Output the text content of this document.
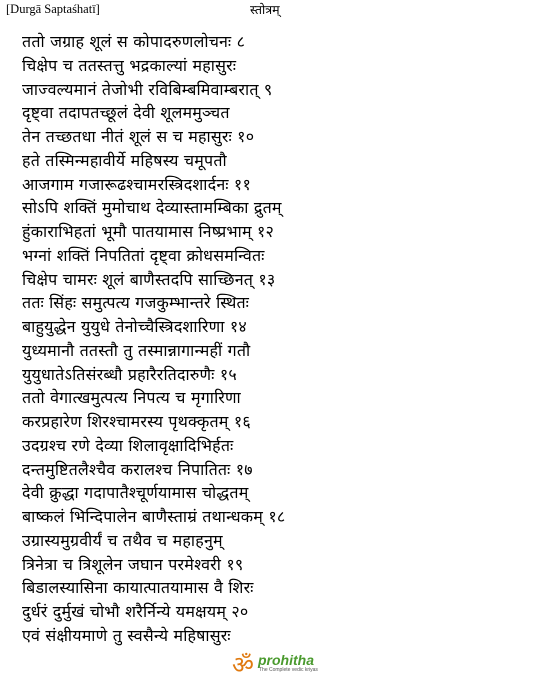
[Durgā Saptaśhatī]	स्तोत्रम्
ततो जग्राह शूलं स कोपादरुणलोचनः ८
चिक्षेप च ततस्तत्तु भद्रकाल्यां महासुरः
जाज्वल्यमानं तेजोभी रविबिम्बमिवाम्बरात् ९
दृष्ट्वा तदापतच्छूलं देवी शूलममुञ्चत
तेन तच्छतधा नीतं शूलं स च महासुरः १०
हते तस्मिन्महावीर्ये महिषस्य चमूपतौ
आजगाम गजारूढश्चामरस्त्रिदशार्दनः ११
सोऽपि शक्तिं मुमोचाथ देव्यास्तामम्बिका द्रुतम्
हुंकाराभिहतां भूमौ पातयामास निष्प्रभाम् १२
भग्नां शक्तिं निपतितां दृष्ट्वा क्रोधसमन्वितः
चिक्षेप चामरः शूलं बाणैस्तदपि साच्छिनत् १३
ततः सिंहः समुत्पत्य गजकुम्भान्तरे स्थितः
बाहुयुद्धेन युयुधे तेनोच्चैस्त्रिदशारिणा १४
युध्यमानौ ततस्तौ तु तस्मान्नागान्महीं गतौ
युयुधातेऽतिसंरब्धौ प्रहारैरतिदारुणैः १५
ततो वेगात्खमुत्पत्य निपत्य च मृगारिणा
करप्रहारेण शिरश्चामरस्य पृथक्कृतम् १६
उदग्रश्च रणे देव्या शिलावृक्षादिभिर्हतः
दन्तमुष्टितलैश्चैव करालश्च निपातितः १७
देवी क्रुद्धा गदापातैश्चूर्णयामास चोद्धतम्
बाष्कलं भिन्दिपालेन बाणैस्ताम्रं तथान्धकम् १८
उग्रास्यमुग्रवीर्यं च तथैव च महाहनुम्
त्रिनेत्रा च त्रिशूलेन जघान परमेश्वरी १९
बिडालस्यासिना कायात्पातयामास वै शिरः
दुर्धरं दुर्मुखं चोभौ शरैर्निन्ये यमक्षयम् २०
एवं संक्षीयमाणे तु स्वसैन्ये महिषासुरः
ॐ prohitha
The Complete vedic kriyas
